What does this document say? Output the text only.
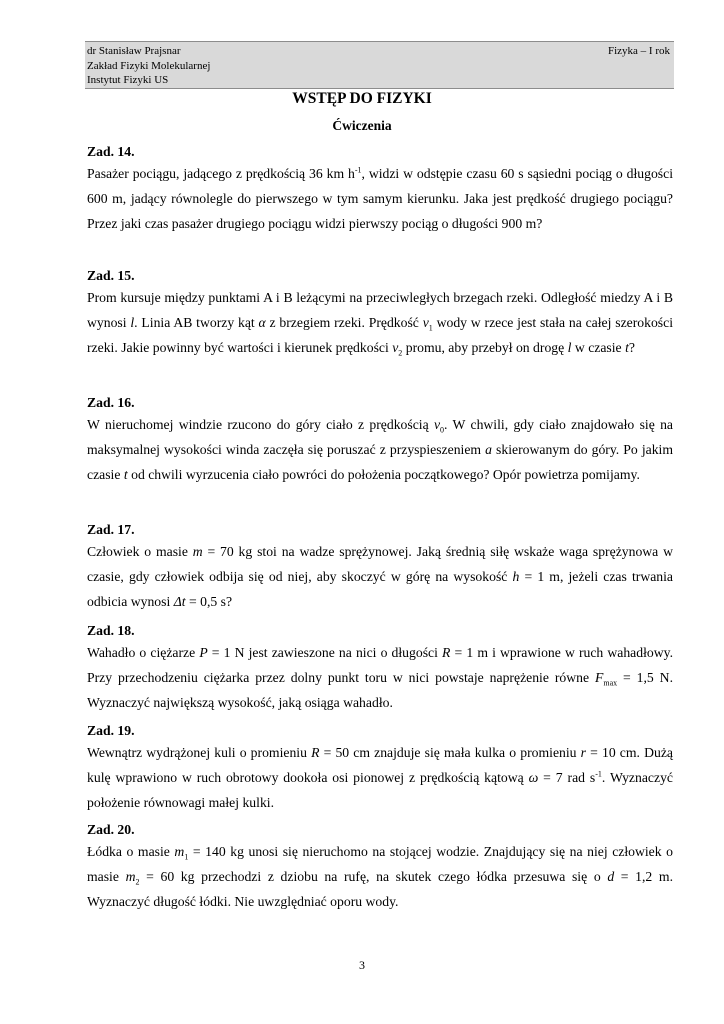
dr Stanisław Prajsnar
Zakład Fizyki Molekularnej
Instytut Fizyki US
Fizyka – I rok
WSTĘP DO FIZYKI
Ćwiczenia
Zad. 14.
Pasażer pociągu, jadącego z prędkością 36 km $h^{-1}$, widzi w odstępie czasu 60 s sąsiedni pociąg o długości 600 m, jadący równolegle do pierwszego w tym samym kierunku. Jaka jest prędkość drugiego pociągu? Przez jaki czas pasażer drugiego pociągu widzi pierwszy pociąg o długości 900 m?
Zad. 15.
Prom kursuje między punktami A i B leżącymi na przeciwległych brzegach rzeki. Odległość miedzy A i B wynosi l. Linia AB tworzy kąt α z brzegiem rzeki. Prędkość $v_1$ wody w rzece jest stała na całej szerokości rzeki. Jakie powinny być wartości i kierunek prędkości $v_2$ promu, aby przebył on drogę l w czasie t?
Zad. 16.
W nieruchomej windzie rzucono do góry ciało z prędkością $v_0$. W chwili, gdy ciało znajdowało się na maksymalnej wysokości winda zaczęła się poruszać z przyspieszeniem a skierowanym do góry. Po jakim czasie t od chwili wyrzucenia ciało powróci do położenia początkowego? Opór powietrza pomijamy.
Zad. 17.
Człowiek o masie m = 70 kg stoi na wadze sprężynowej. Jaką średnią siłę wskaże waga sprężynowa w czasie, gdy człowiek odbija się od niej, aby skoczyć w górę na wysokość h = 1 m, jeżeli czas trwania odbicia wynosi Δt = 0,5 s?
Zad. 18.
Wahadło o ciężarze P = 1 N jest zawieszone na nici o długości R = 1 m i wprawione w ruch wahadłowy. Przy przechodzeniu ciężarka przez dolny punkt toru w nici powstaje naprężenie równe $F_{max} = 1,5$ N. Wyznaczyć największą wysokość, jaką osiąga wahadło.
Zad. 19.
Wewnątrz wydrążonej kuli o promieniu R = 50 cm znajduje się mała kulka o promieniu r = 10 cm. Dużą kulę wprawiono w ruch obrotowy dookoła osi pionowej z prędkością kątową ω = 7 rad $s^{-1}$. Wyznaczyć położenie równowagi małej kulki.
Zad. 20.
Łódka o masie $m_1 = 140$ kg unosi się nieruchomo na stojącej wodzie. Znajdujący się na niej człowiek o masie $m_2 = 60$ kg przechodzi z dziobu na rufę, na skutek czego łódka przesuwa się o d = 1,2 m. Wyznaczyć długość łódki. Nie uwzględniać oporu wody.
3
